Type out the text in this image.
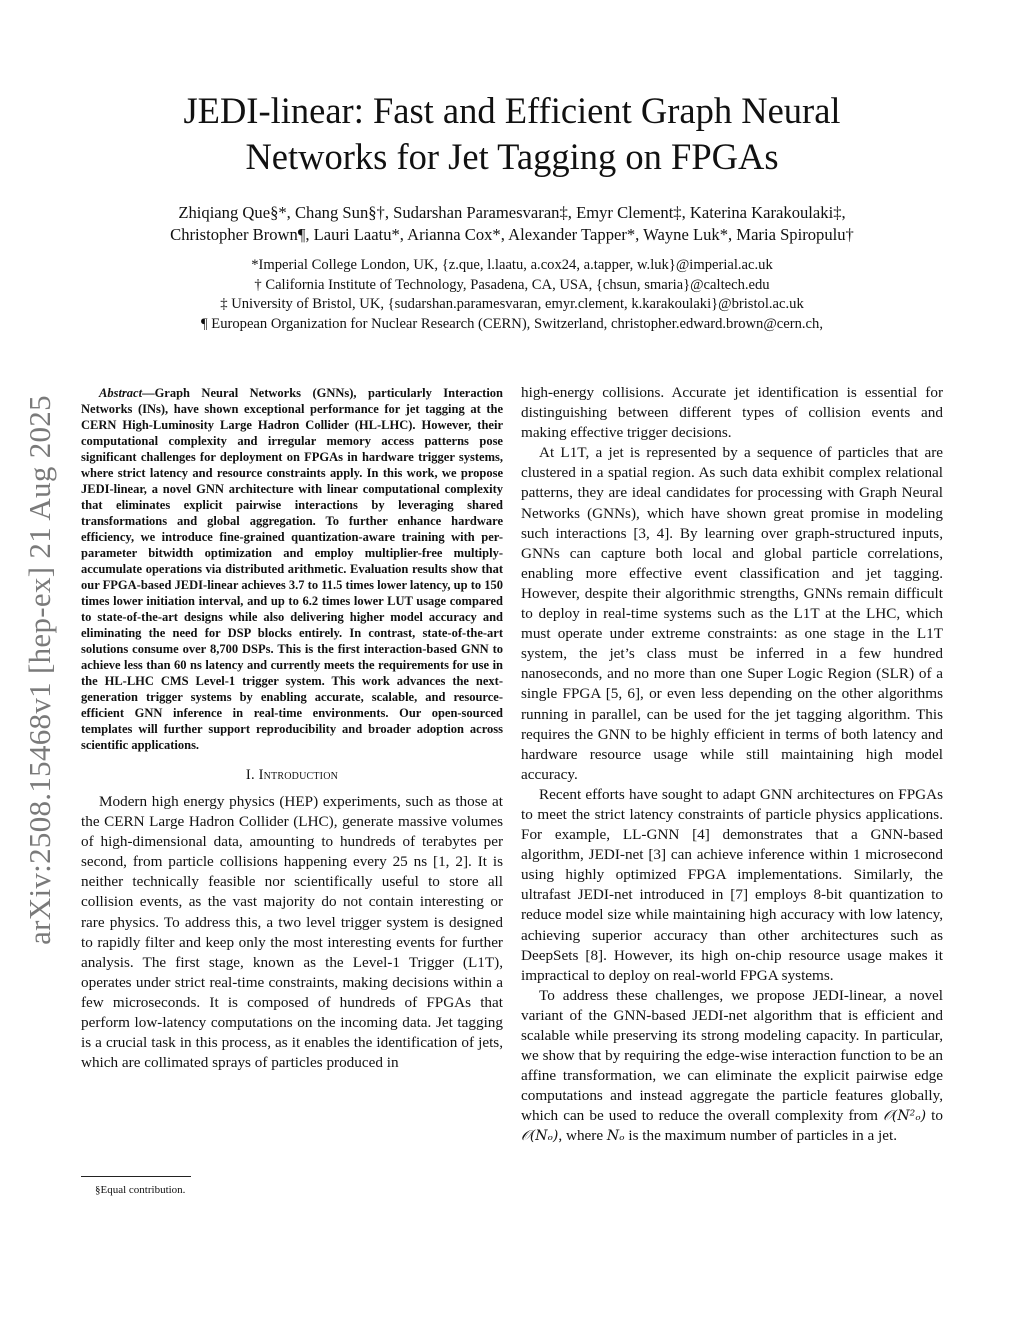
arXiv:2508.15468v1 [hep-ex] 21 Aug 2025
JEDI-linear: Fast and Efficient Graph Neural
Networks for Jet Tagging on FPGAs
Zhiqiang Que§*, Chang Sun§†, Sudarshan Paramesvaran‡, Emyr Clement‡, Katerina Karakoulaki‡,
Christopher Brown¶, Lauri Laatu*, Arianna Cox*, Alexander Tapper*, Wayne Luk*, Maria Spiropulu†
*Imperial College London, UK, {z.que, l.laatu, a.cox24, a.tapper, w.luk}@imperial.ac.uk
† California Institute of Technology, Pasadena, CA, USA, {chsun, smaria}@caltech.edu
‡ University of Bristol, UK, {sudarshan.paramesvaran, emyr.clement, k.karakoulaki}@bristol.ac.uk
¶ European Organization for Nuclear Research (CERN), Switzerland, christopher.edward.brown@cern.ch,

Abstract—Graph Neural Networks (GNNs), particularly Interaction Networks (INs), have shown exceptional performance for jet tagging at the CERN High-Luminosity Large Hadron Collider (HL-LHC). However, their computational complexity and irregular memory access patterns pose significant challenges for deployment on FPGAs in hardware trigger systems, where strict latency and resource constraints apply. In this work, we propose JEDI-linear, a novel GNN architecture with linear computational complexity that eliminates explicit pairwise interactions by leveraging shared transformations and global aggregation. To further enhance hardware efficiency, we introduce fine-grained quantization-aware training with per-parameter bitwidth optimization and employ multiplier-free multiply-accumulate operations via distributed arithmetic. Evaluation results show that our FPGA-based JEDI-linear achieves 3.7 to 11.5 times lower latency, up to 150 times lower initiation interval, and up to 6.2 times lower LUT usage compared to state-of-the-art designs while also delivering higher model accuracy and eliminating the need for DSP blocks entirely. In contrast, state-of-the-art solutions consume over 8,700 DSPs. This is the first interaction-based GNN to achieve less than 60 ns latency and currently meets the requirements for use in the HL-LHC CMS Level-1 trigger system. This work advances the next-generation trigger systems by enabling accurate, scalable, and resource-efficient GNN inference in real-time environments. Our open-sourced templates will further support reproducibility and broader adoption across scientific applications.

I. Introduction

Modern high energy physics (HEP) experiments, such as those at the CERN Large Hadron Collider (LHC), generate massive volumes of high-dimensional data, amounting to hundreds of terabytes per second, from particle collisions happening every 25 ns [1, 2]. It is neither technically feasible nor scientifically useful to store all collision events, as the vast majority do not contain interesting or rare physics. To address this, a two level trigger system is designed to rapidly filter and keep only the most interesting events for further analysis. The first stage, known as the Level-1 Trigger (L1T), operates under strict real-time constraints, making decisions within a few microseconds. It is composed of hundreds of FPGAs that perform low-latency computations on the incoming data. Jet tagging is a crucial task in this process, as it enables the identification of jets, which are collimated sprays of particles produced in

high-energy collisions. Accurate jet identification is essential for distinguishing between different types of collision events and making effective trigger decisions.

At L1T, a jet is represented by a sequence of particles that are clustered in a spatial region. As such data exhibit complex relational patterns, they are ideal candidates for processing with Graph Neural Networks (GNNs), which have shown great promise in modeling such interactions [3, 4]. By learning over graph-structured inputs, GNNs can capture both local and global particle correlations, enabling more effective event classification and jet tagging. However, despite their algorithmic strengths, GNNs remain difficult to deploy in real-time systems such as the L1T at the LHC, which must operate under extreme constraints: as one stage in the L1T system, the jet’s class must be inferred in a few hundred nanoseconds, and no more than one Super Logic Region (SLR) of a single FPGA [5, 6], or even less depending on the other algorithms running in parallel, can be used for the jet tagging algorithm. This requires the GNN to be highly efficient in terms of both latency and hardware resource usage while still maintaining high model accuracy.

Recent efforts have sought to adapt GNN architectures on FPGAs to meet the strict latency constraints of particle physics applications. For example, LL-GNN [4] demonstrates that a GNN-based algorithm, JEDI-net [3] can achieve inference within 1 microsecond using highly optimized FPGA implementations. Similarly, the ultrafast JEDI-net introduced in [7] employs 8-bit quantization to reduce model size while maintaining high accuracy with low latency, achieving superior accuracy than other architectures such as DeepSets [8]. However, its high on-chip resource usage makes it impractical to deploy on real-world FPGA systems.

To address these challenges, we propose JEDI-linear, a novel variant of the GNN-based JEDI-net algorithm that is efficient and scalable while preserving its strong modeling capacity. In particular, we show that by requiring the edge-wise interaction function to be an affine transformation, we can eliminate the explicit pairwise edge computations and instead aggregate the particle features globally, which can be used to reduce the overall complexity from 𝒪(N²ₒ) to 𝒪(Nₒ), where Nₒ is the maximum number of particles in a jet.

§Equal contribution.
